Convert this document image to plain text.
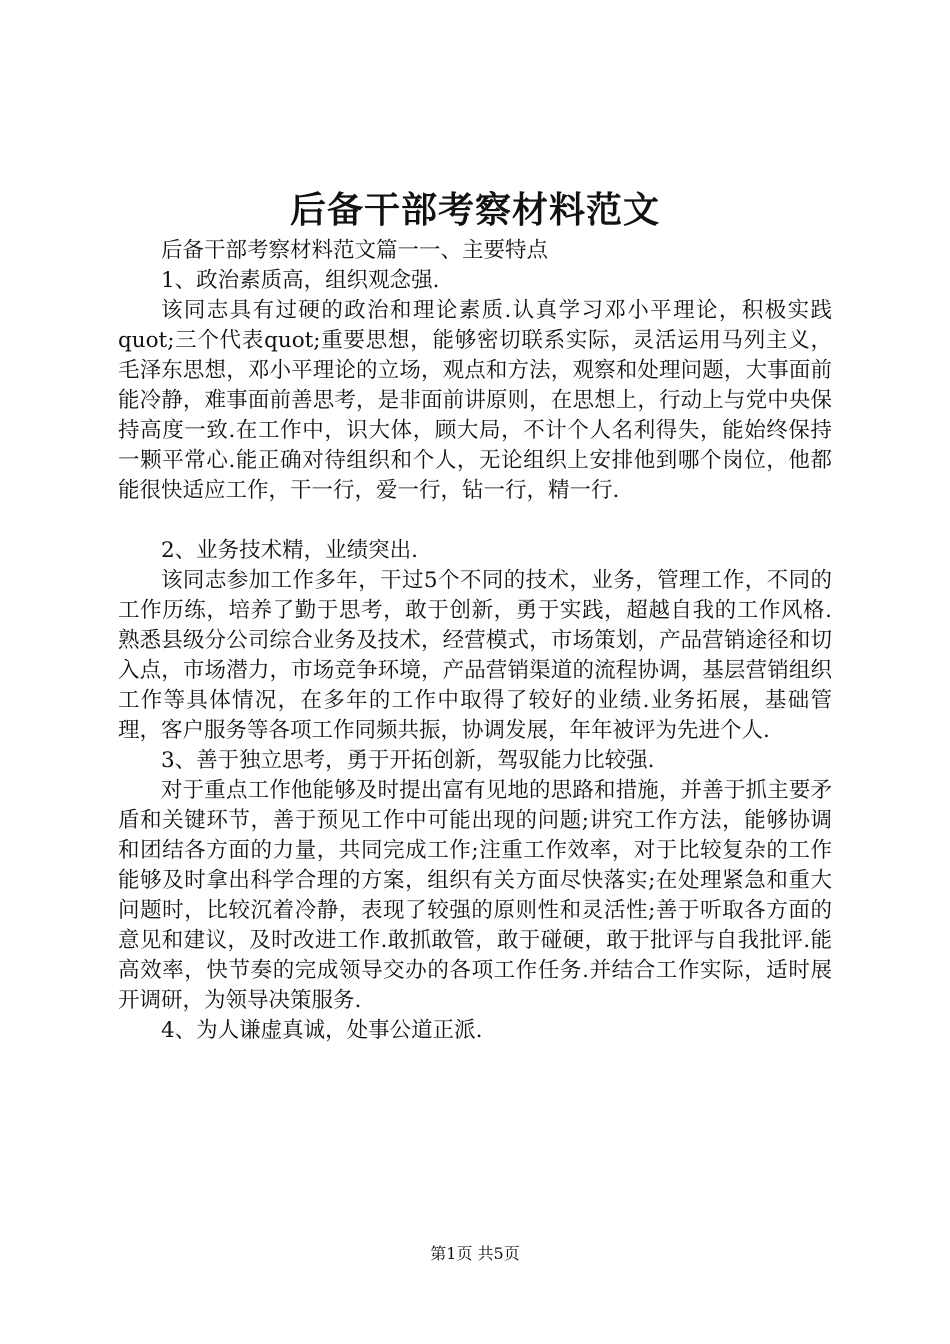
后备干部考察材料范文

后备干部考察材料范文篇一一、主要特点

1、政治素质高，组织观念强.

该同志具有过硬的政治和理论素质.认真学习邓小平理论，积极实践quot;三个代表quot;重要思想，能够密切联系实际，灵活运用马列主义，毛泽东思想，邓小平理论的立场，观点和方法，观察和处理问题，大事面前能冷静，难事面前善思考，是非面前讲原则，在思想上，行动上与党中央保持高度一致.在工作中，识大体，顾大局，不计个人名利得失，能始终保持一颗平常心.能正确对待组织和个人，无论组织上安排他到哪个岗位，他都能很快适应工作，干一行，爱一行，钻一行，精一行.

2、业务技术精，业绩突出.

该同志参加工作多年，干过5个不同的技术，业务，管理工作，不同的工作历练，培养了勤于思考，敢于创新，勇于实践，超越自我的工作风格.熟悉县级分公司综合业务及技术，经营模式，市场策划，产品营销途径和切入点，市场潜力，市场竞争环境，产品营销渠道的流程协调，基层营销组织工作等具体情况，在多年的工作中取得了较好的业绩.业务拓展，基础管理，客户服务等各项工作同频共振，协调发展，年年被评为先进个人.

3、善于独立思考，勇于开拓创新，驾驭能力比较强.

对于重点工作他能够及时提出富有见地的思路和措施，并善于抓主要矛盾和关键环节，善于预见工作中可能出现的问题;讲究工作方法，能够协调和团结各方面的力量，共同完成工作;注重工作效率，对于比较复杂的工作能够及时拿出科学合理的方案，组织有关方面尽快落实;在处理紧急和重大问题时，比较沉着冷静，表现了较强的原则性和灵活性;善于听取各方面的意见和建议，及时改进工作.敢抓敢管，敢于碰硬，敢于批评与自我批评.能高效率，快节奏的完成领导交办的各项工作任务.并结合工作实际，适时展开调研，为领导决策服务.

4、为人谦虚真诚，处事公道正派.

第1页 共5页
